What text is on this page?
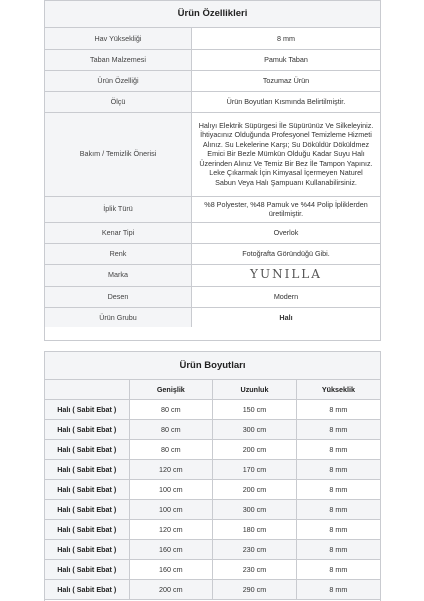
Ürün Özellikleri
Hav Yüksekliği	8 mm
Taban Malzemesi	Pamuk Taban
Ürün Özelliği	Tozumaz Ürün
Ölçü	Ürün Boyutları Kısmında Belirtilmiştir.
Bakım / Temizlik Önerisi	Halıyı Elektrik Süpürgesi İle Süpürünüz Ve Silkeleyiniz. İhtiyacınız Olduğunda Profesyonel Temizleme Hizmeti Alınız. Su Lekelerine Karşı; Su Döküldür Döküldmez Emici Bir Bezle Mümkün Olduğu Kadar Suyu Halı Üzerinden Alınız Ve Temiz Bir Bez İle Tampon Yapınız. Leke Çıkarmak İçin Kimyasal İçermeyen Naturel Sabun Veya Halı Şampuanı Kullanabilirsiniz.
İplik Türü	%8 Polyester, %48 Pamuk ve %44 Polip İpliklerden üretilmiştir.
Kenar Tipi	Overlok
Renk	Fotoğrafta Göründüğü Gibi.
Marka	YUNILLA
Desen	Modern
Ürün Grubu	Halı
Ürün Boyutları
	Genişlik	Uzunluk	Yükseklik
Halı ( Sabit Ebat )	80 cm	150 cm	8 mm
Halı ( Sabit Ebat )	80 cm	300 cm	8 mm
Halı ( Sabit Ebat )	80 cm	200 cm	8 mm
Halı ( Sabit Ebat )	120 cm	170 cm	8 mm
Halı ( Sabit Ebat )	100 cm	200 cm	8 mm
Halı ( Sabit Ebat )	100 cm	300 cm	8 mm
Halı ( Sabit Ebat )	120 cm	180 cm	8 mm
Halı ( Sabit Ebat )	160 cm	230 cm	8 mm
Halı ( Sabit Ebat )	160 cm	230 cm	8 mm
Halı ( Sabit Ebat )	200 cm	290 cm	8 mm
